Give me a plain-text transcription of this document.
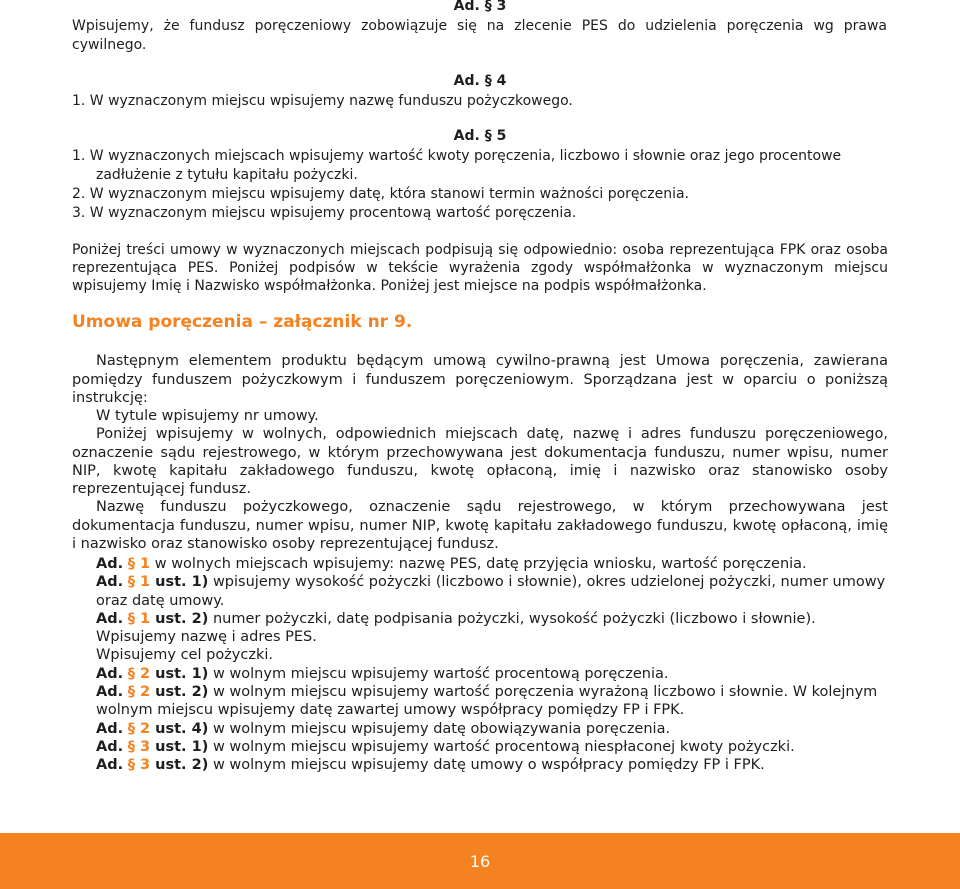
Ad. § 3

Wpisujemy, że fundusz poręczeniowy zobowiązuje się na zlecenie PES do udzielenia poręczenia wg prawa cywilnego.

Ad. § 4

1. W wyznaczonym miejscu wpisujemy nazwę funduszu pożyczkowego.

Ad. § 5
1. W wyznaczonych miejscach wpisujemy wartość kwoty poręczenia, liczbowo i słownie oraz jego procentowe zadłużenie z tytułu kapitału pożyczki.
2. W wyznaczonym miejscu wpisujemy datę, która stanowi termin ważności poręczenia.
3. W wyznaczonym miejscu wpisujemy procentową wartość poręczenia.

Poniżej treści umowy w wyznaczonych miejscach podpisują się odpowiednio: osoba reprezentująca FPK oraz osoba reprezentująca PES. Poniżej podpisów w tekście wyrażenia zgody współmałżonka w wyznaczonym miejscu wpisujemy Imię i Nazwisko współmałżonka. Poniżej jest miejsce na podpis współmałżonka.

Umowa poręczenia – załącznik nr 9.

Następnym elementem produktu będącym umową cywilno-prawną jest Umowa poręczenia, zawierana pomiędzy funduszem pożyczkowym i funduszem poręczeniowym. Sporządzana jest w oparciu o poniższą instrukcję:

W tytule wpisujemy nr umowy.
Poniżej wpisujemy w wolnych, odpowiednich miejscach datę, nazwę i adres funduszu poręczeniowego, oznaczenie sądu rejestrowego, w którym przechowywana jest dokumentacja funduszu, numer wpisu, numer NIP, kwotę kapitału zakładowego funduszu, kwotę opłaconą, imię i nazwisko oraz stanowisko osoby reprezentującej fundusz.
Nazwę funduszu pożyczkowego, oznaczenie sądu rejestrowego, w którym przechowywana jest dokumentacja funduszu, numer wpisu, numer NIP, kwotę kapitału zakładowego funduszu, kwotę opłaconą, imię i nazwisko oraz stanowisko osoby reprezentującej fundusz.
Ad. § 1 w wolnych miejscach wpisujemy: nazwę PES, datę przyjęcia wniosku, wartość poręczenia.
Ad. § 1 ust. 1) wpisujemy wysokość pożyczki (liczbowo i słownie), okres udzielonej pożyczki, numer umowy oraz datę umowy.
Ad. § 1 ust. 2) numer pożyczki, datę podpisania pożyczki, wysokość pożyczki (liczbowo i słownie).
Wpisujemy nazwę i adres PES.
Wpisujemy cel pożyczki.
Ad. § 2 ust. 1) w wolnym miejscu wpisujemy wartość procentową poręczenia.
Ad. § 2 ust. 2) w wolnym miejscu wpisujemy wartość poręczenia wyrażoną liczbowo i słownie. W kolejnym wolnym miejscu wpisujemy datę zawartej umowy współpracy pomiędzy FP i FPK.
Ad. § 2 ust. 4) w wolnym miejscu wpisujemy datę obowiązywania poręczenia.
Ad. § 3 ust. 1) w wolnym miejscu wpisujemy wartość procentową niespłaconej kwoty pożyczki.
Ad. § 3 ust. 2) w wolnym miejscu wpisujemy datę umowy o współpracy pomiędzy FP i FPK.
16
